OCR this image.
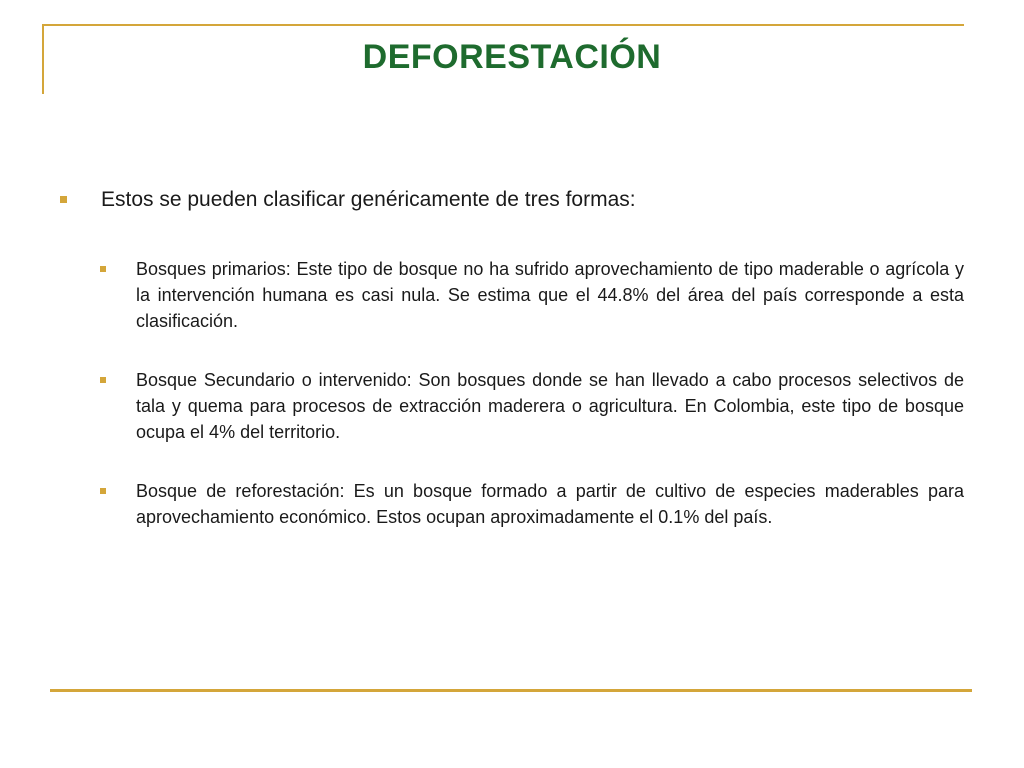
DEFORESTACIÓN
Estos se pueden clasificar genéricamente de tres formas:
Bosques primarios: Este tipo de bosque no ha sufrido aprovechamiento de tipo maderable o agrícola y la intervención humana es casi nula. Se estima que el 44.8% del área del país corresponde a esta clasificación.
Bosque Secundario o intervenido: Son bosques donde se han llevado a cabo procesos selectivos de tala y quema para procesos de extracción maderera o agricultura. En Colombia, este tipo de bosque ocupa el 4% del territorio.
Bosque de reforestación: Es un bosque formado a partir de cultivo de especies maderables para aprovechamiento económico. Estos ocupan aproximadamente el 0.1% del país.
